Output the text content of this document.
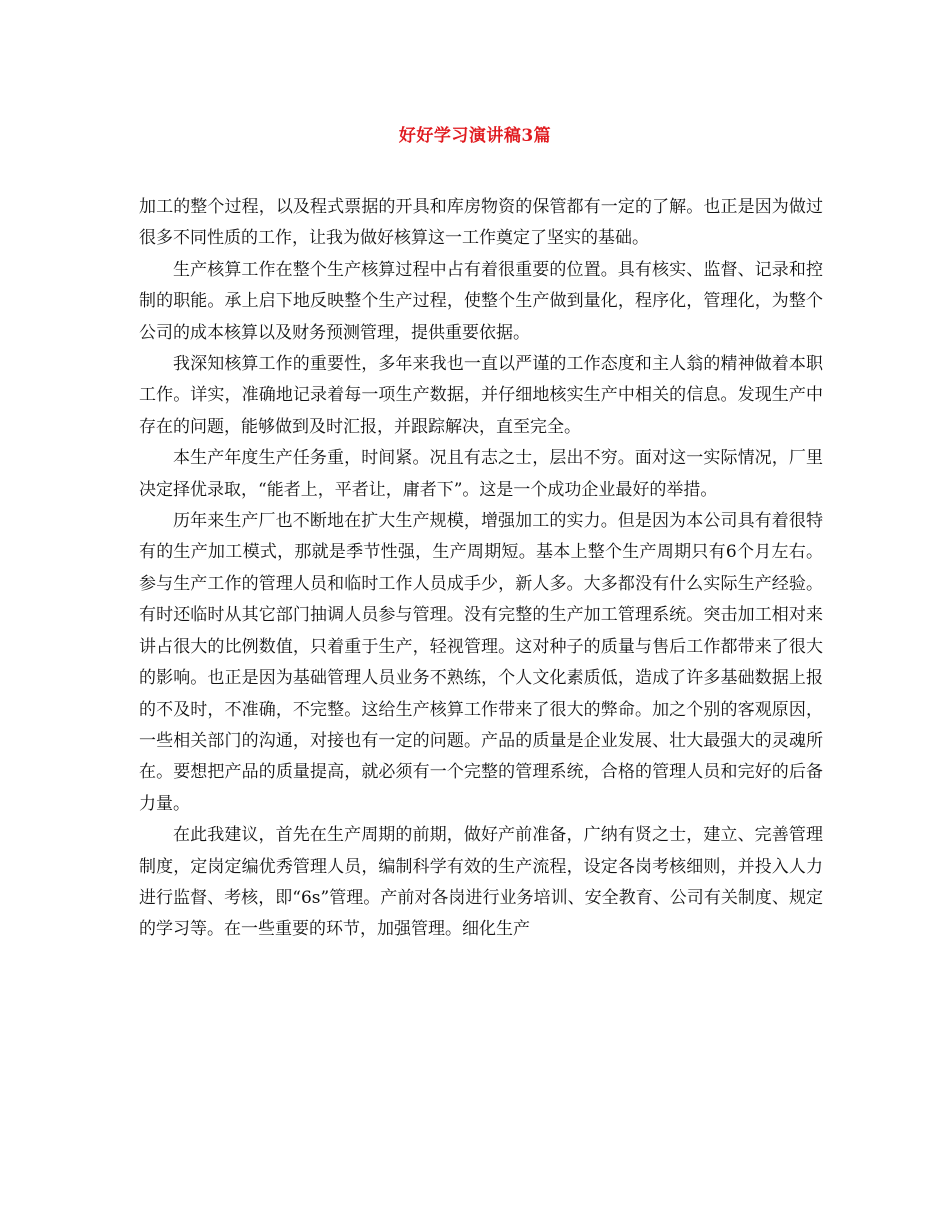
好好学习演讲稿3篇

加工的整个过程，以及程式票据的开具和库房物资的保管都有一定的了解。也正是因为做过很多不同性质的工作，让我为做好核算这一工作奠定了坚实的基础。

生产核算工作在整个生产核算过程中占有着很重要的位置。具有核实、监督、记录和控制的职能。承上启下地反映整个生产过程，使整个生产做到量化，程序化，管理化，为整个公司的成本核算以及财务预测管理，提供重要依据。

我深知核算工作的重要性，多年来我也一直以严谨的工作态度和主人翁的精神做着本职工作。详实，准确地记录着每一项生产数据，并仔细地核实生产中相关的信息。发现生产中存在的问题，能够做到及时汇报，并跟踪解决，直至完全。

本生产年度生产任务重，时间紧。况且有志之士，层出不穷。面对这一实际情况，厂里决定择优录取，“能者上，平者让，庸者下”。这是一个成功企业最好的举措。

历年来生产厂也不断地在扩大生产规模，增强加工的实力。但是因为本公司具有着很特有的生产加工模式，那就是季节性强，生产周期短。基本上整个生产周期只有6个月左右。参与生产工作的管理人员和临时工作人员成手少，新人多。大多都没有什么实际生产经验。有时还临时从其它部门抽调人员参与管理。没有完整的生产加工管理系统。突击加工相对来讲占很大的比例数值，只着重于生产，轻视管理。这对种子的质量与售后工作都带来了很大的影响。也正是因为基础管理人员业务不熟练，个人文化素质低，造成了许多基础数据上报的不及时，不准确，不完整。这给生产核算工作带来了很大的弊命。加之个别的客观原因，一些相关部门的沟通，对接也有一定的问题。产品的质量是企业发展、壮大最强大的灵魂所在。要想把产品的质量提高，就必须有一个完整的管理系统，合格的管理人员和完好的后备力量。

在此我建议，首先在生产周期的前期，做好产前准备，广纳有贤之士，建立、完善管理制度，定岗定编优秀管理人员，编制科学有效的生产流程，设定各岗考核细则，并投入人力进行监督、考核，即“6s”管理。产前对各岗进行业务培训、安全教育、公司有关制度、规定的学习等。在一些重要的环节，加强管理。细化生产
